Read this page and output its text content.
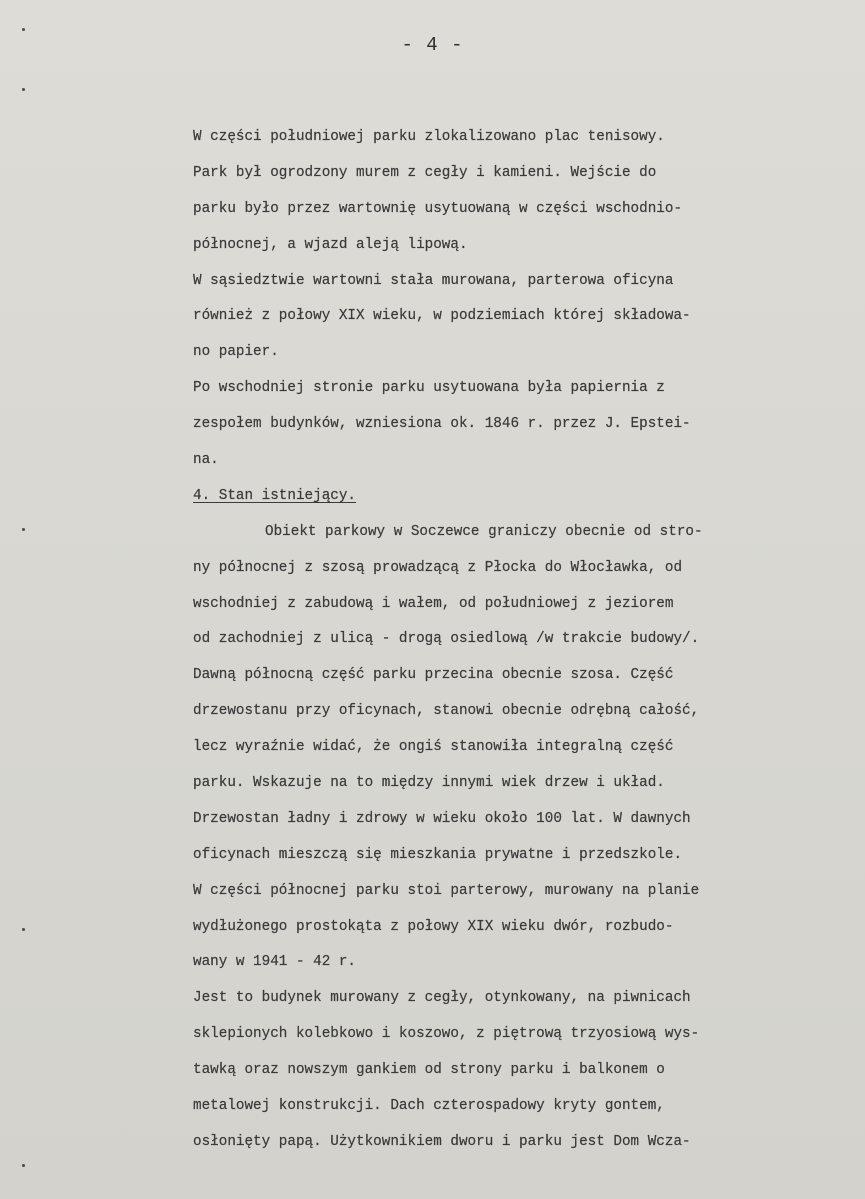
- 4 -
W części południowej parku zlokalizowano plac tenisowy.
Park był ogrodzony murem z cegły i kamieni. Wejście do
parku było przez wartownię usytuowaną w części wschodnio-
północnej, a wjazd aleją lipową.
W sąsiedztwie wartowni stała murowana, parterowa oficyna
również z połowy XIX wieku, w podziemiach której składowa-
no papier.
Po wschodniej stronie parku usytuowana była papiernia z
zespołem budynków, wzniesiona ok. 1846 r. przez J. Epstei-
na.
4. Stan istniejący.
Obiekt parkowy w Soczewce graniczy obecnie od stro-
ny północnej z szosą prowadzącą z Płocka do Włocławka, od
wschodniej z zabudową i wałem, od południowej z jeziorem
od zachodniej z ulicą - drogą osiedlową /w trakcie budowy/.
Dawną północną część parku przecina obecnie szosa. Część
drzewostanu przy oficynach, stanowi obecnie odrębną całość,
lecz wyraźnie widać, że ongiś stanowiła integralną część
parku. Wskazuje na to między innymi wiek drzew i układ.
Drzewostan ładny i zdrowy w wieku około 100 lat. W dawnych
oficynach mieszczą się mieszkania prywatne i przedszkole.
W części północnej parku stoi parterowy, murowany na planie
wydłużonego prostokąta z połowy XIX wieku dwór, rozbudo-
wany w 1941 - 42 r.
Jest to budynek murowany z cegły, otynkowany, na piwnicach
sklepionych kolebkowo i koszowo, z piętrową trzyosiową wys-
tawką oraz nowszym gankiem od strony parku i balkonem o
metalowej konstrukcji. Dach czterospadowy kryty gontem,
osłonięty papą. Użytkownikiem dworu i parku jest Dom Wcza-
